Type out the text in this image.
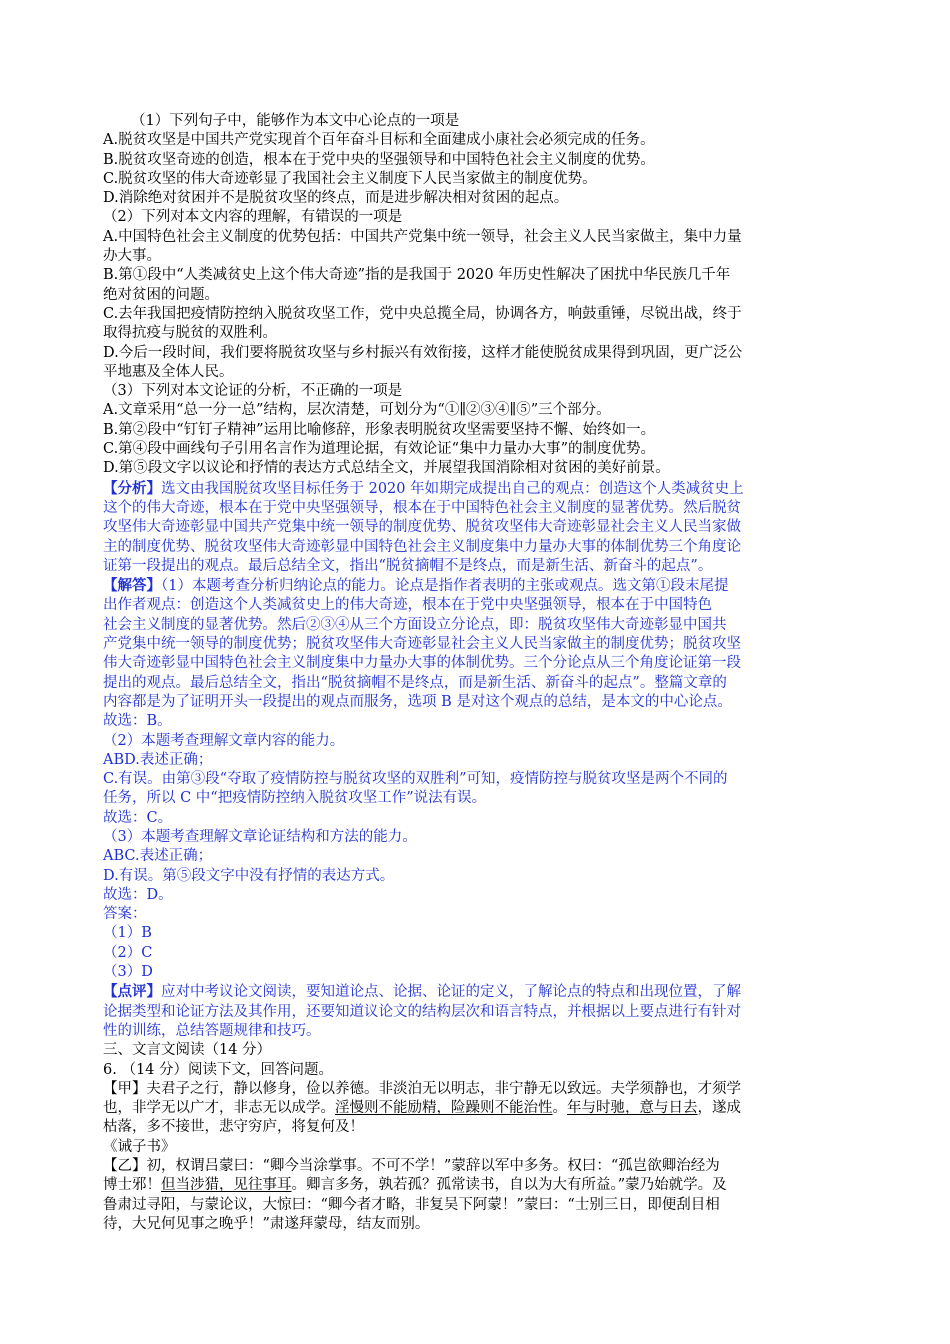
（1）下列句子中，能够作为本文中心论点的一项是

A.脱贫攻坚是中国共产党实现首个百年奋斗目标和全面建成小康社会必须完成的任务。

B.脱贫攻坚奇迹的创造，根本在于党中央的坚强领导和中国特色社会主义制度的优势。

C.脱贫攻坚的伟大奇迹彰显了我国社会主义制度下人民当家做主的制度优势。

D.消除绝对贫困并不是脱贫攻坚的终点，而是进步解决相对贫困的起点。

（2）下列对本文内容的理解，有错误的一项是

A.中国特色社会主义制度的优势包括：中国共产党集中统一领导，社会主义人民当家做主，集中力量

办大事。

B.第①段中“人类减贫史上这个伟大奇迹”指的是我国于 2020 年历史性解决了困扰中华民族几千年

绝对贫困的问题。

C.去年我国把疫情防控纳入脱贫攻坚工作，党中央总揽全局，协调各方，响鼓重锤，尽锐出战，终于

取得抗疫与脱贫的双胜利。

D.今后一段时间，我们要将脱贫攻坚与乡村振兴有效衔接，这样才能使脱贫成果得到巩固，更广泛公

平地惠及全体人民。

（3）下列对本文论证的分析，不正确的一项是

A.文章采用“总一分一总”结构，层次清楚，可划分为“①∥②③④∥⑤”三个部分。

B.第②段中“钉钉子精神”运用比喻修辞，形象表明脱贫攻坚需要坚持不懈、始终如一。

C.第④段中画线句子引用名言作为道理论据，有效论证“集中力量办大事”的制度优势。

D.第⑤段文字以议论和抒情的表达方式总结全文，并展望我国消除相对贫困的美好前景。

【分析】选文由我国脱贫攻坚目标任务于 2020 年如期完成提出自己的观点：创造这个人类减贫史上

这个的伟大奇迹，根本在于党中央坚强领导，根本在于中国特色社会主义制度的显著优势。然后脱贫

攻坚伟大奇迹彰显中国共产党集中统一领导的制度优势、脱贫攻坚伟大奇迹彰显社会主义人民当家做

主的制度优势、脱贫攻坚伟大奇迹彰显中国特色社会主义制度集中力量办大事的体制优势三个角度论

证第一段提出的观点。最后总结全文，指出“脱贫摘帽不是终点，而是新生活、新奋斗的起点”。

【解答】（1）本题考查分析归纳论点的能力。论点是指作者表明的主张或观点。选文第①段末尾提

出作者观点：创造这个人类减贫史上的伟大奇迹，根本在于党中央坚强领导，根本在于中国特色

社会主义制度的显著优势。然后②③④从三个方面设立分论点，即：脱贫攻坚伟大奇迹彰显中国共

产党集中统一领导的制度优势；脱贫攻坚伟大奇迹彰显社会主义人民当家做主的制度优势；脱贫攻坚

伟大奇迹彰显中国特色社会主义制度集中力量办大事的体制优势。三个分论点从三个角度论证第一段

提出的观点。最后总结全文，指出“脱贫摘帽不是终点，而是新生活、新奋斗的起点”。整篇文章的

内容都是为了证明开头一段提出的观点而服务，选项 B 是对这个观点的总结，是本文的中心论点。

故选：B。

（2）本题考查理解文章内容的能力。

ABD.表述正确；

C.有误。由第③段“夺取了疫情防控与脱贫攻坚的双胜利”可知，疫情防控与脱贫攻坚是两个不同的

任务，所以 C 中“把疫情防控纳入脱贫攻坚工作”说法有误。

故选：C。

（3）本题考查理解文章论证结构和方法的能力。

ABC.表述正确；

D.有误。第⑤段文字中没有抒情的表达方式。

故选：D。

答案：

（1）B

（2）C

（3）D

【点评】应对中考议论文阅读，要知道论点、论据、论证的定义，了解论点的特点和出现位置，了解

论据类型和论证方法及其作用，还要知道议论文的结构层次和语言特点，并根据以上要点进行有针对

性的训练，总结答题规律和技巧。

三、文言文阅读（14 分）

6. （14 分）阅读下文，回答问题。

【甲】夫君子之行，静以修身，俭以养德。非淡泊无以明志，非宁静无以致远。夫学须静也，才须学

也，非学无以广才，非志无以成学。淫慢则不能励精，险躁则不能治性。年与时驰，意与日去，遂成

枯落，多不接世，悲守穷庐，将复何及！

《诫子书》

【乙】初，权谓吕蒙曰：“卿今当涂掌事。不可不学！”蒙辞以军中多务。权曰：“孤岂欲卿治经为

博士邪！但当涉猎，见往事耳。卿言多务，孰若孤？孤常读书，自以为大有所益。”蒙乃始就学。及

鲁肃过寻阳，与蒙论议，大惊曰：“卿今者才略，非复吴下阿蒙！”蒙曰：“士别三日，即便刮目相

待，大兄何见事之晚乎！”肃遂拜蒙母，结友而别。
